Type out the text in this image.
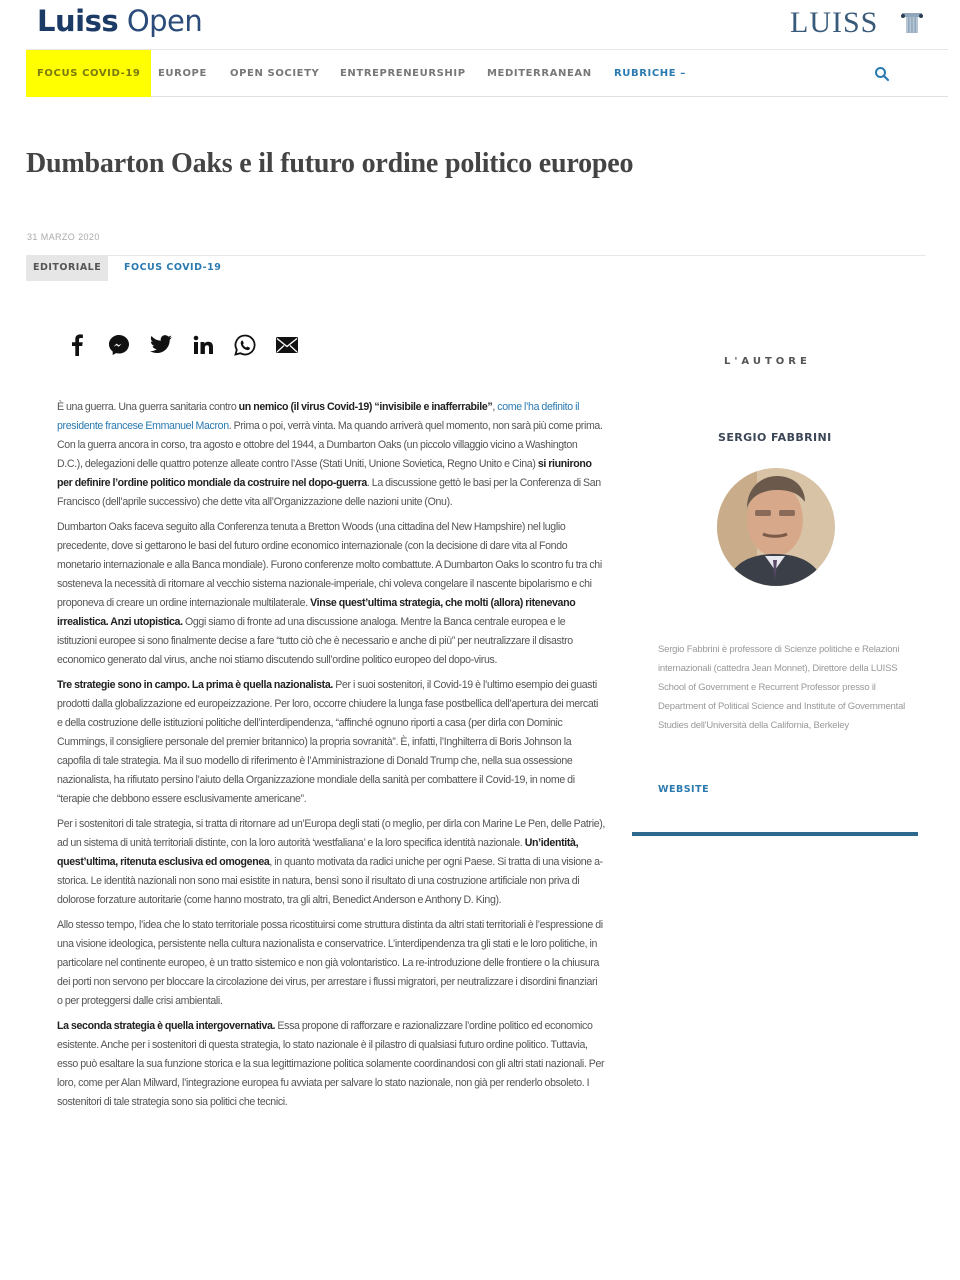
Luiss Open	LUISS
FOCUS COVID-19	EUROPE OPEN SOCIETY ENTREPRENEURSHIP MEDITERRANEAN RUBRICHE –
Dumbarton Oaks e il futuro ordine politico europeo
31 MARZO 2020
EDITORIALE	FOCUS COVID-19

È una guerra. Una guerra sanitaria contro un nemico (il virus Covid-19) “invisibile e inafferrabile”, come l’ha definito il presidente francese Emmanuel Macron. Prima o poi, verrà vinta. Ma quando arriverà quel momento, non sarà più come prima. Con la guerra ancora in corso, tra agosto e ottobre del 1944, a Dumbarton Oaks (un piccolo villaggio vicino a Washington D.C.), delegazioni delle quattro potenze alleate contro l’Asse (Stati Uniti, Unione Sovietica, Regno Unito e Cina) si riunirono per definire l’ordine politico mondiale da costruire nel dopo-guerra. La discussione gettò le basi per la Conferenza di San Francisco (dell’aprile successivo) che dette vita all’Organizzazione delle nazioni unite (Onu).

Dumbarton Oaks faceva seguito alla Conferenza tenuta a Bretton Woods (una cittadina del New Hampshire) nel luglio precedente, dove si gettarono le basi del futuro ordine economico internazionale (con la decisione di dare vita al Fondo monetario internazionale e alla Banca mondiale). Furono conferenze molto combattute. A Dumbarton Oaks lo scontro fu tra chi sosteneva la necessità di ritornare al vecchio sistema nazionale-imperiale, chi voleva congelare il nascente bipolarismo e chi proponeva di creare un ordine internazionale multilaterale. Vinse quest’ultima strategia, che molti (allora) ritenevano irrealistica. Anzi utopistica. Oggi siamo di fronte ad una discussione analoga. Mentre la Banca centrale europea e le istituzioni europee si sono finalmente decise a fare “tutto ciò che è necessario e anche di più” per neutralizzare il disastro economico generato dal virus, anche noi stiamo discutendo sull’ordine politico europeo del dopo-virus.

Tre strategie sono in campo. La prima è quella nazionalista. Per i suoi sostenitori, il Covid-19 è l’ultimo esempio dei guasti prodotti dalla globalizzazione ed europeizzazione. Per loro, occorre chiudere la lunga fase postbellica dell’apertura dei mercati e della costruzione delle istituzioni politiche dell’interdipendenza, “affinché ognuno riporti a casa (per dirla con Dominic Cummings, il consigliere personale del premier britannico) la propria sovranità”. È, infatti, l’Inghilterra di Boris Johnson la capofila di tale strategia. Ma il suo modello di riferimento è l’Amministrazione di Donald Trump che, nella sua ossessione nazionalista, ha rifiutato persino l’aiuto della Organizzazione mondiale della sanità per combattere il Covid-19, in nome di “terapie che debbono essere esclusivamente americane”.

Per i sostenitori di tale strategia, si tratta di ritornare ad un’Europa degli stati (o meglio, per dirla con Marine Le Pen, delle Patrie), ad un sistema di unità territoriali distinte, con la loro autorità ‘westfaliana’ e la loro specifica identità nazionale. Un’identità, quest’ultima, ritenuta esclusiva ed omogenea, in quanto motivata da radici uniche per ogni Paese. Si tratta di una visione a-storica. Le identità nazionali non sono mai esistite in natura, bensì sono il risultato di una costruzione artificiale non priva di dolorose forzature autoritarie (come hanno mostrato, tra gli altri, Benedict Anderson e Anthony D. King).

Allo stesso tempo, l’idea che lo stato territoriale possa ricostituirsi come struttura distinta da altri stati territoriali è l’espressione di una visione ideologica, persistente nella cultura nazionalista e conservatrice. L’interdipendenza tra gli stati e le loro politiche, in particolare nel continente europeo, è un tratto sistemico e non già volontaristico. La re-introduzione delle frontiere o la chiusura dei porti non servono per bloccare la circolazione dei virus, per arrestare i flussi migratori, per neutralizzare i disordini finanziari o per proteggersi dalle crisi ambientali.

La seconda strategia è quella intergovernativa. Essa propone di rafforzare e razionalizzare l’ordine politico ed economico esistente. Anche per i sostenitori di questa strategia, lo stato nazionale è il pilastro di qualsiasi futuro ordine politico. Tuttavia, esso può esaltare la sua funzione storica e la sua legittimazione politica solamente coordinandosi con gli altri stati nazionali. Per loro, come per Alan Milward, l’integrazione europea fu avviata per salvare lo stato nazionale, non già per renderlo obsoleto. I sostenitori di tale strategia sono sia politici che tecnici.

L'AUTORE
SERGIO FABBRINI
Sergio Fabbrini è professore di Scienze politiche e Relazioni internazionali (cattedra Jean Monnet), Direttore della LUISS School of Government e Recurrent Professor presso il Department of Political Science and Institute of Governmental Studies dell'Università della California, Berkeley
WEBSITE
